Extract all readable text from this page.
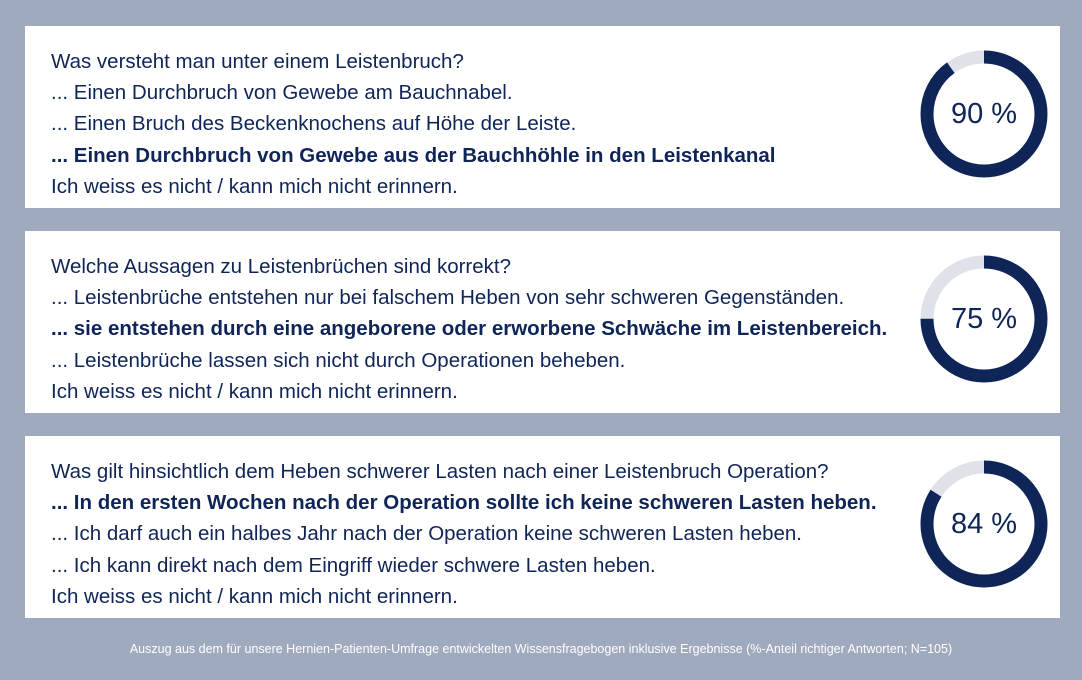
Was versteht man unter einem Leistenbruch?
... Einen Durchbruch von Gewebe am Bauchnabel.
... Einen Bruch des Beckenknochens auf Höhe der Leiste.
... Einen Durchbruch von Gewebe aus der Bauchhöhle in den Leistenkanal
Ich weiss es nicht / kann mich nicht erinnern.
90 %
Welche Aussagen zu Leistenbrüchen sind korrekt?
... Leistenbrüche entstehen nur bei falschem Heben von sehr schweren Gegenständen.
... sie entstehen durch eine angeborene oder erworbene Schwäche im Leistenbereich.
... Leistenbrüche lassen sich nicht durch Operationen beheben.
Ich weiss es nicht / kann mich nicht erinnern.
75 %
Was gilt hinsichtlich dem Heben schwerer Lasten nach einer Leistenbruch Operation?
... In den ersten Wochen nach der Operation sollte ich keine schweren Lasten heben.
... Ich darf auch ein halbes Jahr nach der Operation keine schweren Lasten heben.
... Ich kann direkt nach dem Eingriff wieder schwere Lasten heben.
Ich weiss es nicht / kann mich nicht erinnern.
84 %
Auszug aus dem für unsere Hernien-Patienten-Umfrage entwickelten Wissensfragebogen inklusive Ergebnisse (%-Anteil richtiger Antworten; N=105)
